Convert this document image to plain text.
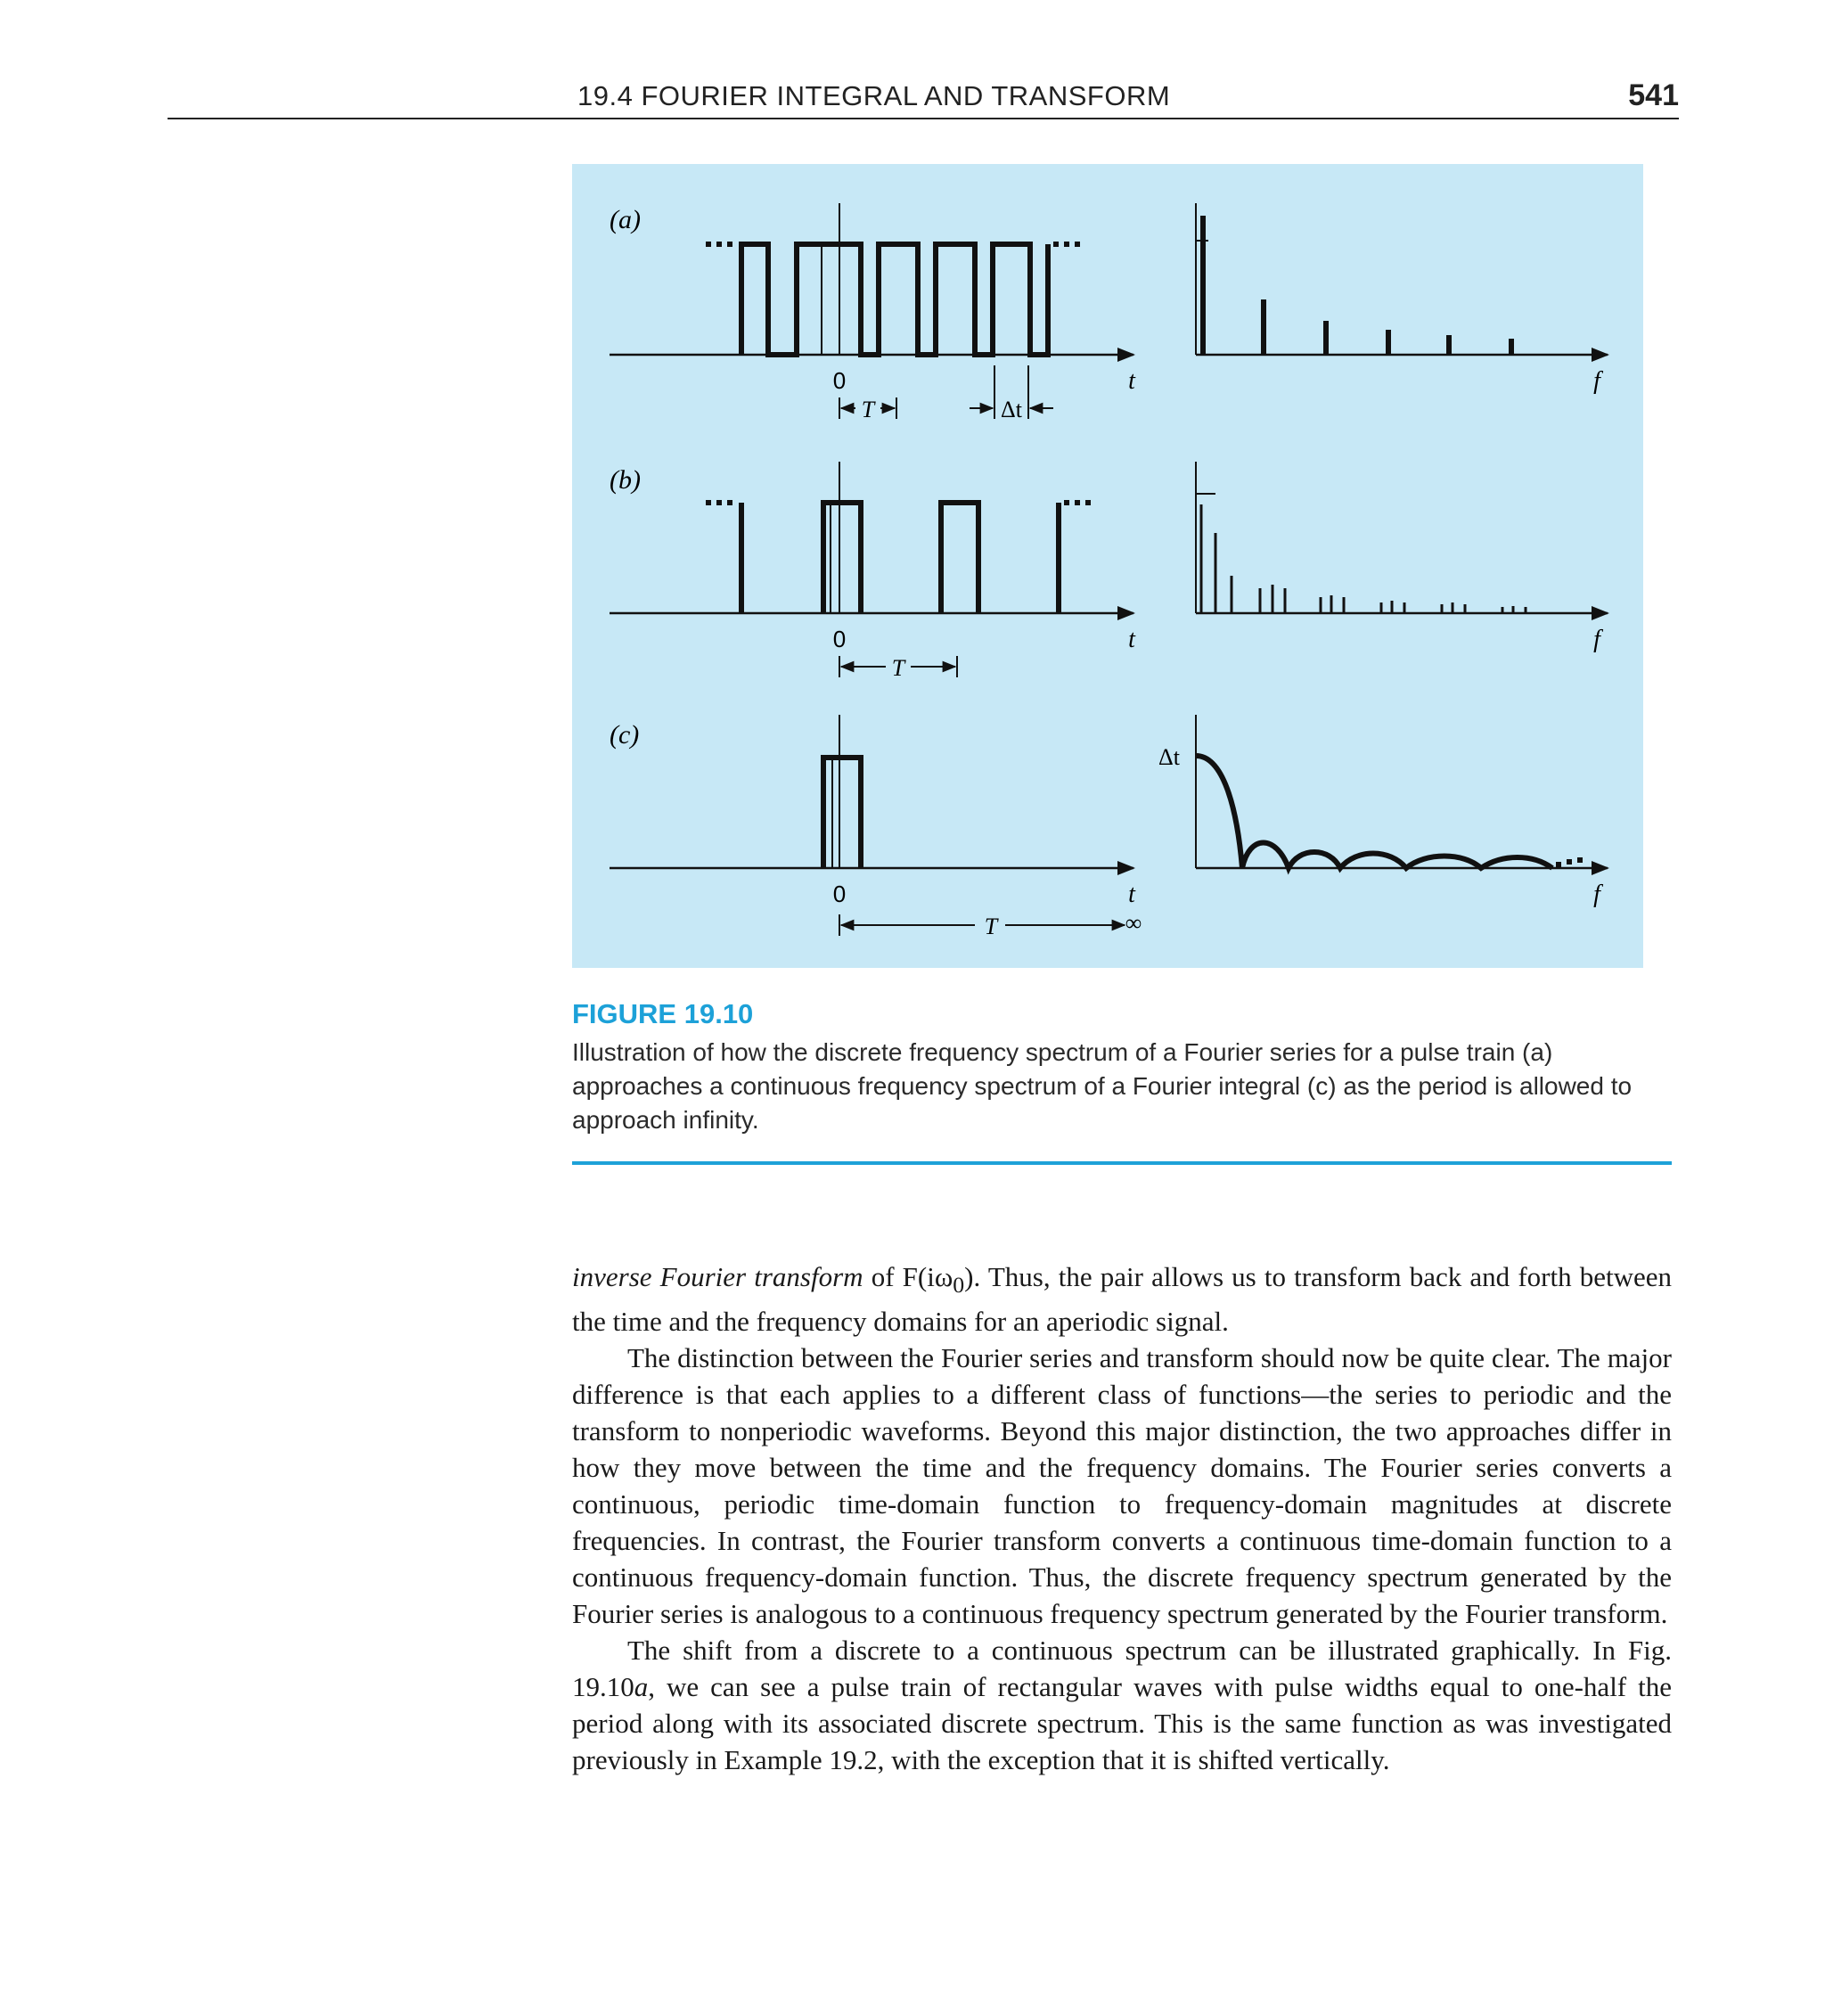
19.4 FOURIER INTEGRAL AND TRANSFORM	541
(a)
0	t
T	Δt
f
(b)
0	t
T
f
(c)
0	t
T	∞
Δt
f
FIGURE 19.10
Illustration of how the discrete frequency spectrum of a Fourier series for a pulse train (a) approaches a continuous frequency spectrum of a Fourier integral (c) as the period is allowed to approach infinity.

inverse Fourier transform of $F(i\omega_0)$. Thus, the pair allows us to transform back and forth between the time and the frequency domains for an aperiodic signal.

The distinction between the Fourier series and transform should now be quite clear. The major difference is that each applies to a different class of functions—the series to periodic and the transform to nonperiodic waveforms. Beyond this major distinction, the two approaches differ in how they move between the time and the frequency domains. The Fourier series converts a continuous, periodic time-domain function to frequency-domain magnitudes at discrete frequencies. In contrast, the Fourier transform converts a continuous time-domain function to a continuous frequency-domain function. Thus, the discrete frequency spectrum generated by the Fourier series is analogous to a continuous frequency spectrum generated by the Fourier transform.

The shift from a discrete to a continuous spectrum can be illustrated graphically. In Fig. 19.10a, we can see a pulse train of rectangular waves with pulse widths equal to one-half the period along with its associated discrete spectrum. This is the same function as was investigated previously in Example 19.2, with the exception that it is shifted vertically.
